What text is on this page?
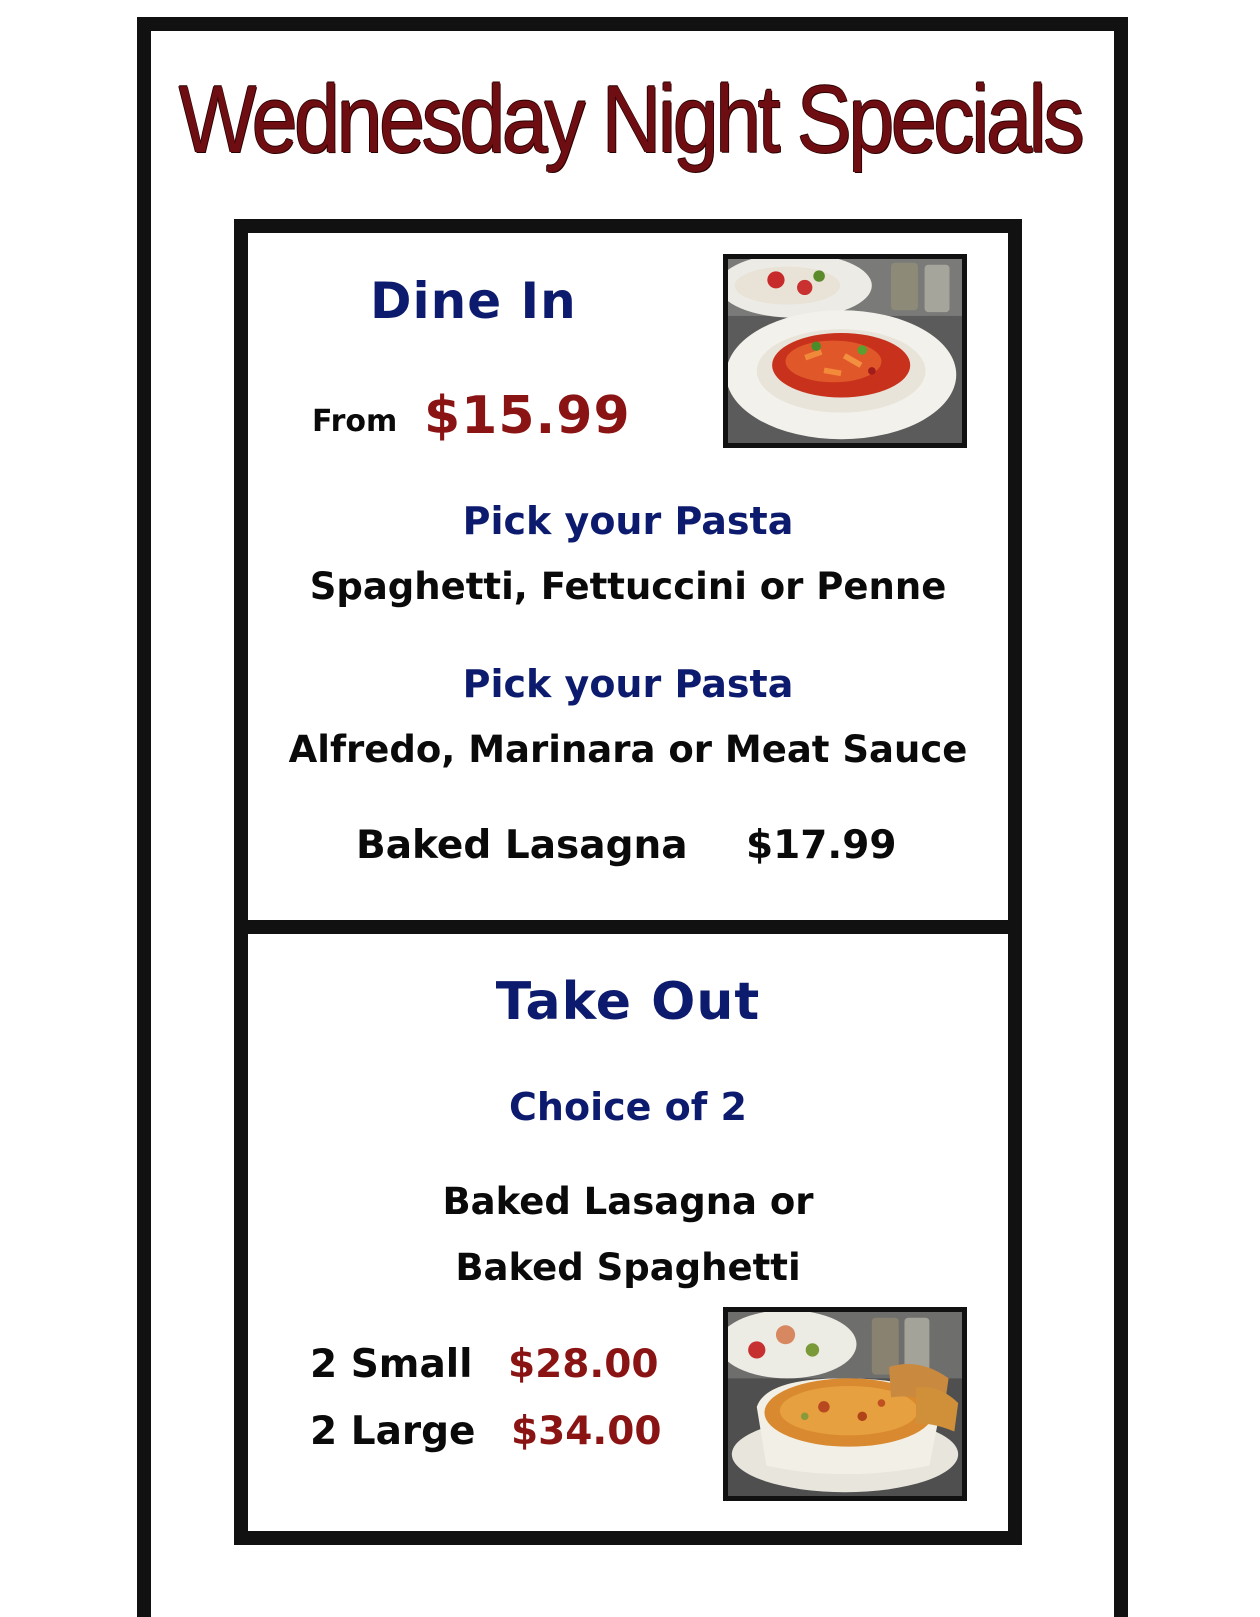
Wednesday Night Specials
Dine In
From $15.99
Pick your Pasta
Spaghetti, Fettuccini or Penne
Pick your Pasta
Alfredo, Marinara or Meat Sauce
Baked Lasagna $17.99
Take Out
Choice of 2
Baked Lasagna or
Baked Spaghetti
2 Small $28.00
2 Large $34.00
